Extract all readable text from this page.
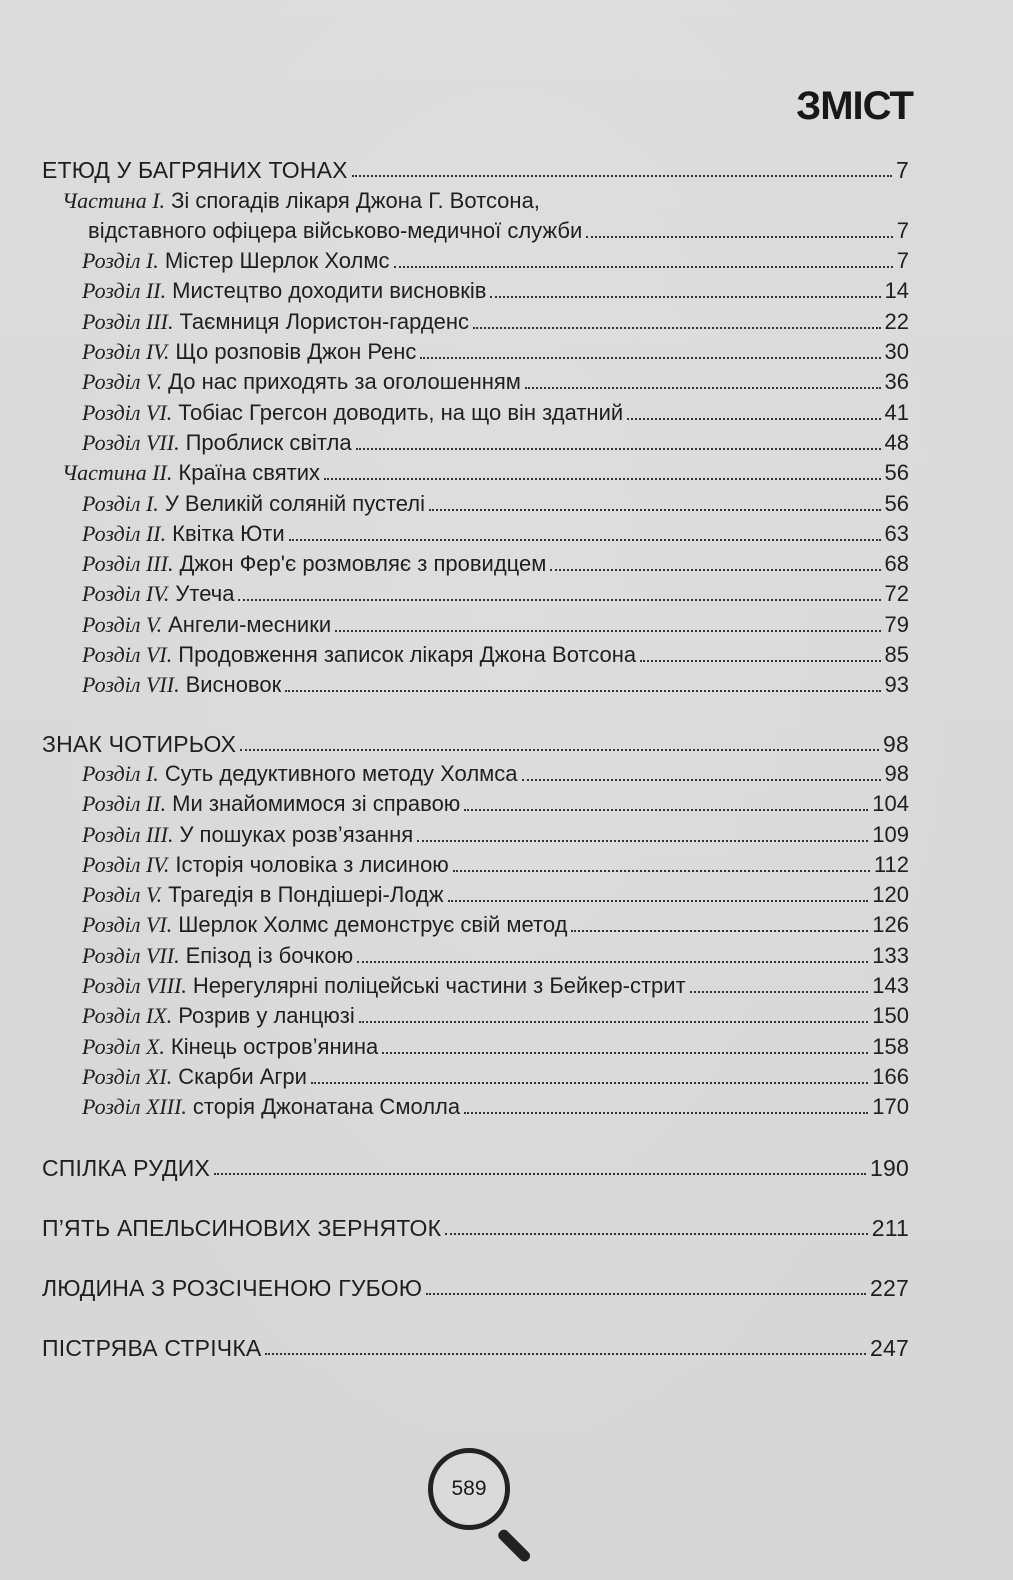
ЗМІСТ
ЕТЮД У БАГРЯНИХ ТОНАХ	7
Частина I. Зі спогадів лікаря Джона Г. Вотсона,
відставного офіцера військово-медичної служби	7
Розділ I. Містер Шерлок Холмс	7
Розділ II. Мистецтво доходити висновків	14
Розділ III. Таємниця Лористон-гарденс	22
Розділ IV. Що розповів Джон Ренс	30
Розділ V. До нас приходять за оголошенням	36
Розділ VI. Тобіас Грегсон доводить, на що він здатний	41
Розділ VII. Проблиск світла	48
Частина II. Країна святих	56
Розділ I. У Великій соляній пустелі	56
Розділ II. Квітка Юти	63
Розділ III. Джон Фер'є розмовляє з провидцем	68
Розділ IV. Утеча	72
Розділ V. Ангели-месники	79
Розділ VI. Продовження записок лікаря Джона Вотсона	85
Розділ VII. Висновок	93
ЗНАК ЧОТИРЬОХ	98
Розділ I. Суть дедуктивного методу Холмса	98
Розділ II. Ми знайомимося зі справою	104
Розділ III. У пошуках розв’язання	109
Розділ IV. Історія чоловіка з лисиною	112
Розділ V. Трагедія в Пондішері-Лодж	120
Розділ VI. Шерлок Холмс демонструє свій метод	126
Розділ VII. Епізод із бочкою	133
Розділ VIII. Нерегулярні поліцейські частини з Бейкер-стрит	143
Розділ IX. Розрив у ланцюзі	150
Розділ X. Кінець остров’янина	158
Розділ XI. Скарби Агри	166
Розділ XIII. сторія Джонатана Смолла	170
СПІЛКА РУДИХ	190
П’ЯТЬ АПЕЛЬСИНОВИХ ЗЕРНЯТОК	211
ЛЮДИНА З РОЗСІЧЕНОЮ ГУБОЮ	227
ПІСТРЯВА СТРІЧКА	247
589
